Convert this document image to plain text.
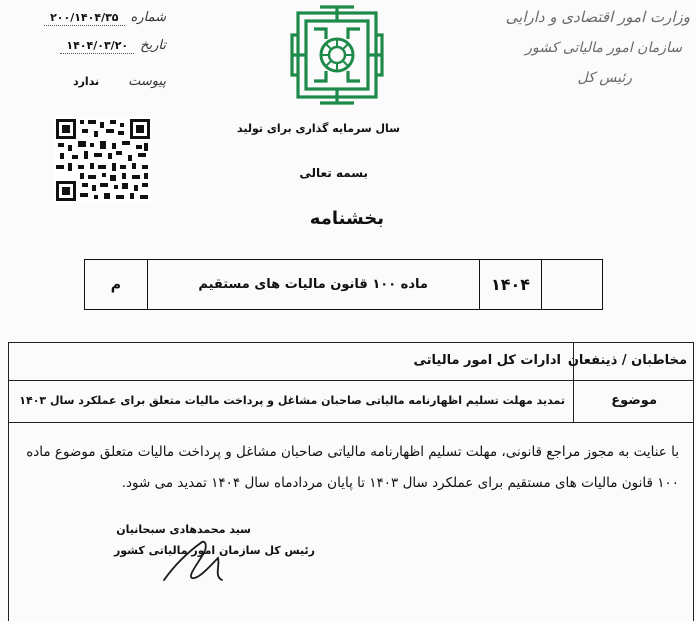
وزارت امور اقتصادی و دارایی
سازمان امور مالیاتی کشور
رئیس کل
شماره
۲۰۰/۱۴۰۴/۳۵
تاریخ
۱۴۰۴/۰۳/۲۰
پیوست
ندارد
سال سرمایه گذاری برای تولید
بسمه تعالی
بخشنامه
۱۴۰۴
ماده ۱۰۰ قانون مالیات های مستقیم
م
مخاطبان / ذینفعان
ادارات کل امور مالیاتی
موضوع
تمدید مهلت تسلیم اظهارنامه مالیاتی صاحبان مشاغل و پرداخت مالیات متعلق برای عملکرد سال ۱۴۰۳
با عنایت به مجوز مراجع قانونی، مهلت تسلیم اظهارنامه مالیاتی صاحبان مشاغل و پرداخت مالیات متعلق موضوع ماده
۱۰۰ قانون مالیات های مستقیم برای عملکرد سال ۱۴۰۳ تا پایان مردادماه سال ۱۴۰۴ تمدید می شود.
سید محمدهادی سبحانیان
رئیس کل سازمان امور مالیاتی کشور
